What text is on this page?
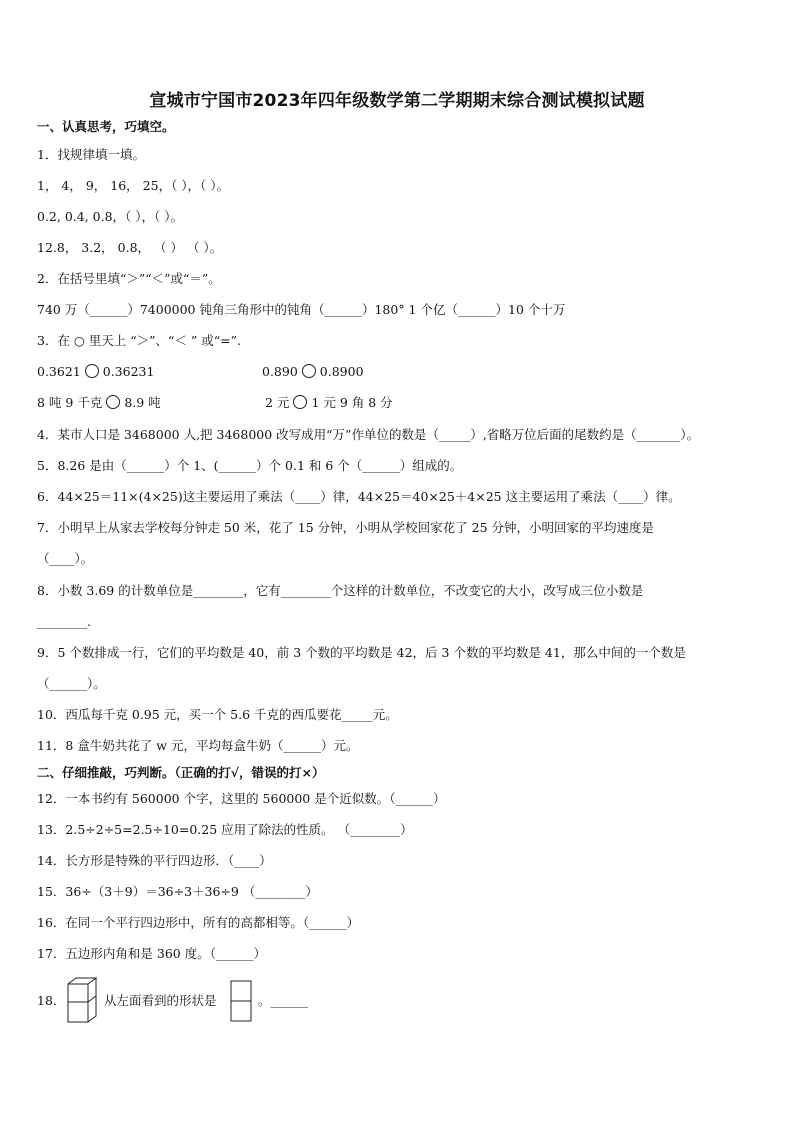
宣城市宁国市2023年四年级数学第二学期期末综合测试模拟试题
一、认真思考，巧填空。
1．找规律填一填。
1， 4， 9， 16， 25，（ ），（ ）。
0.2, 0.4, 0.8，（ ），（ ）。
12.8， 3.2， 0.8， （ ） （ ）。
2．在括号里填“＞”“＜”或“＝”。
740 万（______）7400000 钝角三角形中的钝角（______）180° 1 个亿（______）10 个十万
3．在 ○ 里天上 “＞”、“＜ ” 或“=”.
0.3621 0.36231	0.890 0.8900
8 吨 9 千克 8.9 吨	2 元 1 元 9 角 8 分
4．某市人口是 3468000 人,把 3468000 改写成用“万”作单位的数是（_____）,省略万位后面的尾数约是（_______）。
5．8.26 是由（______）个 1、(______）个 0.1 和 6 个（______）组成的。
6．44×25＝11×(4×25)这主要运用了乘法（____）律，44×25＝40×25＋4×25 这主要运用了乘法（____）律。
7．小明早上从家去学校每分钟走 50 米，花了 15 分钟，小明从学校回家花了 25 分钟，小明回家的平均速度是
（____）。
8．小数 3.69 的计数单位是________，它有________个这样的计数单位，不改变它的大小，改写成三位小数是
________.
9．5 个数排成一行，它们的平均数是 40，前 3 个数的平均数是 42，后 3 个数的平均数是 41，那么中间的一个数是
（______）。
10．西瓜每千克 0.95 元，买一个 5.6 千克的西瓜要花_____元。
11．8 盒牛奶共花了 w 元，平均每盒牛奶（______）元。
二、仔细推敲，巧判断。（正确的打√，错误的打×）
12．一本书约有 560000 个字，这里的 560000 是个近似数。（______）
13．2.5÷2÷5=2.5÷10=0.25 应用了除法的性质。 （________）
14．长方形是特殊的平行四边形．（____）
15．36÷（3＋9）＝36÷3＋36÷9 （________）
16．在同一个平行四边形中，所有的高都相等。（______）
17．五边形内角和是 360 度。（______）
18．	从左面看到的形状是	。______
